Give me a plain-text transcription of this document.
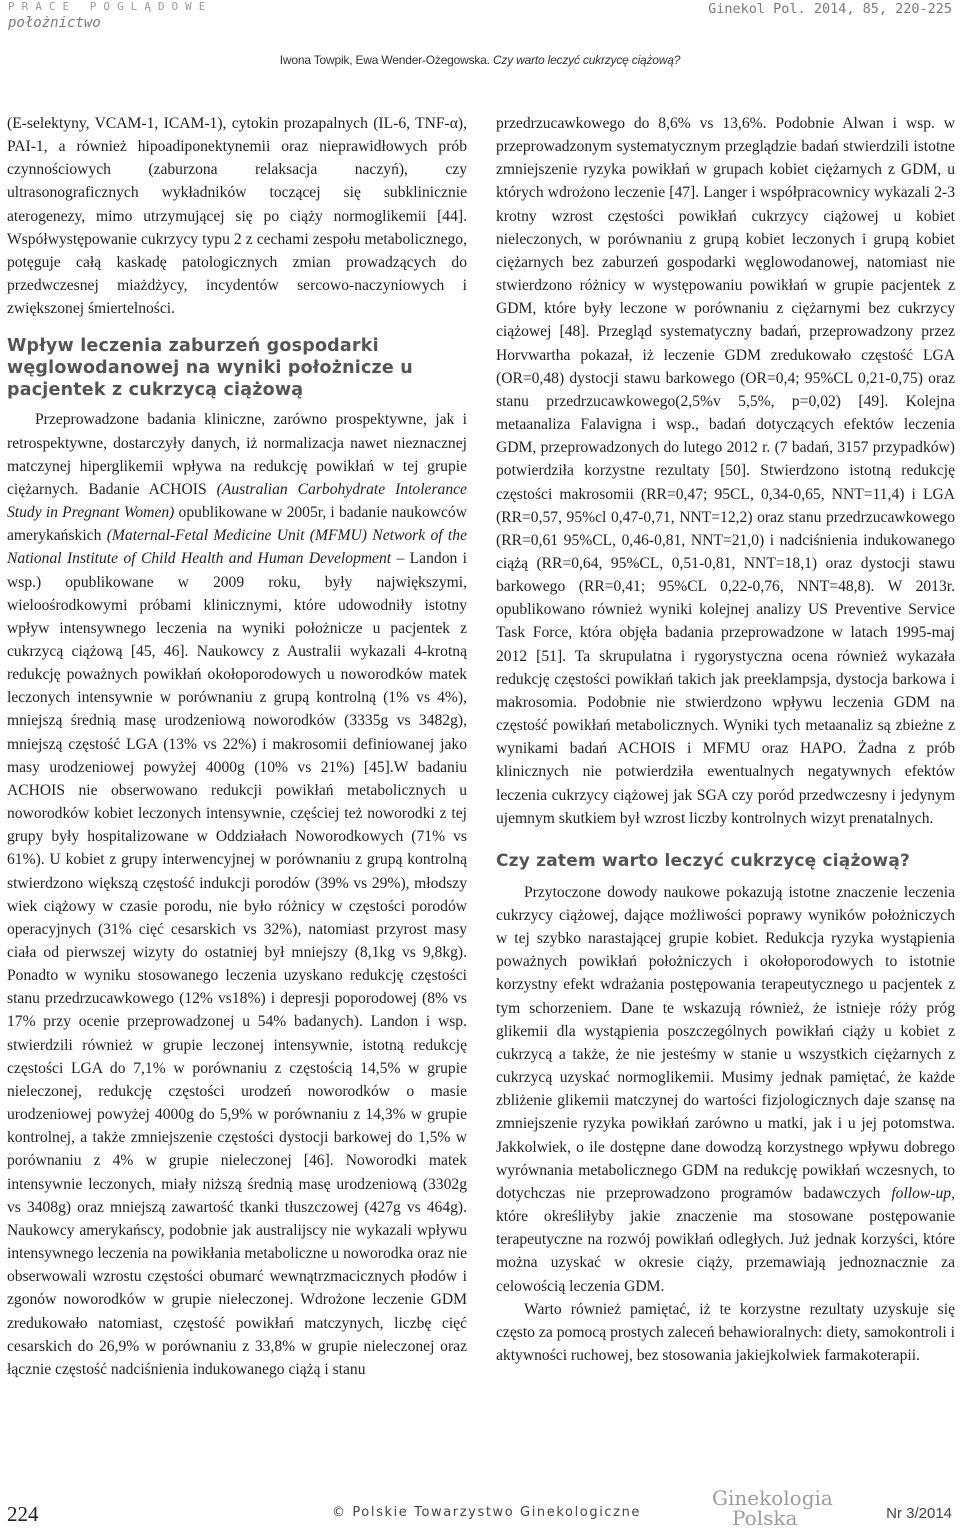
PRACE POGLĄDOWE
położnictwo
Ginekol Pol. 2014, 85, 220-225
Iwona Towpik, Ewa Wender-Ożegowska. Czy warto leczyć cukrzycę ciążową?

(E-selektyny, VCAM-1, ICAM-1), cytokin prozapalnych (IL-6, TNF-α), PAI-1, a również hipoadiponektynemii oraz nieprawidłowych prób czynnościowych (zaburzona relaksacja naczyń), czy ultrasonograficznych wykładników toczącej się subklinicznie aterogenezy, mimo utrzymującej się po ciąży normoglikemii [44]. Współwystępowanie cukrzycy typu 2 z cechami zespołu metabolicznego, potęguje całą kaskadę patologicznych zmian prowadzących do przedwczesnej miażdżycy, incydentów sercowo-naczyniowych i zwiększonej śmiertelności.

Wpływ leczenia zaburzeń gospodarki węglowodanowej na wyniki położnicze u pacjentek z cukrzycą ciążową

Przeprowadzone badania kliniczne, zarówno prospektywne, jak i retrospektywne, dostarczyły danych, iż normalizacja nawet nieznacznej matczynej hiperglikemii wpływa na redukcję powikłań w tej grupie ciężarnych. Badanie ACHOIS (Australian Carbohydrate Intolerance Study in Pregnant Women) opublikowane w 2005r, i badanie naukowców amerykańskich (Maternal-Fetal Medicine Unit (MFMU) Network of the National Institute of Child Health and Human Development – Landon i wsp.) opublikowane w 2009 roku, były największymi, wieloośrodkowymi próbami klinicznymi, które udowodniły istotny wpływ intensywnego leczenia na wyniki położnicze u pacjentek z cukrzycą ciążową [45, 46]. Naukowcy z Australii wykazali 4-krotną redukcję poważnych powikłań okołoporodowych u noworodków matek leczonych intensywnie w porównaniu z grupą kontrolną (1% vs 4%), mniejszą średnią masę urodzeniową noworodków (3335g vs 3482g), mniejszą częstość LGA (13% vs 22%) i makrosomii definiowanej jako masy urodzeniowej powyżej 4000g (10% vs 21%) [45].W badaniu ACHOIS nie obserwowano redukcji powikłań metabolicznych u noworodków kobiet leczonych intensywnie, częściej też noworodki z tej grupy były hospitalizowane w Oddziałach Noworodkowych (71% vs 61%). U kobiet z grupy interwencyjnej w porównaniu z grupą kontrolną stwierdzono większą częstość indukcji porodów (39% vs 29%), młodszy wiek ciążowy w czasie porodu, nie było różnicy w częstości porodów operacyjnych (31% cięć cesarskich vs 32%), natomiast przyrost masy ciała od pierwszej wizyty do ostatniej był mniejszy (8,1kg vs 9,8kg). Ponadto w wyniku stosowanego leczenia uzyskano redukcję częstości stanu przedrzucawkowego (12% vs18%) i depresji poporodowej (8% vs 17% przy ocenie przeprowadzonej u 54% badanych). Landon i wsp. stwierdzili również w grupie leczonej intensywnie, istotną redukcję częstości LGA do 7,1% w porównaniu z częstością 14,5% w grupie nieleczonej, redukcję częstości urodzeń noworodków o masie urodzeniowej powyżej 4000g do 5,9% w porównaniu z 14,3% w grupie kontrolnej, a także zmniejszenie częstości dystocji barkowej do 1,5% w porównaniu z 4% w grupie nieleczonej [46]. Noworodki matek intensywnie leczonych, miały niższą średnią masę urodzeniową (3302g vs 3408g) oraz mniejszą zawartość tkanki tłuszczowej (427g vs 464g). Naukowcy amerykańscy, podobnie jak australijscy nie wykazali wpływu intensywnego leczenia na powikłania metaboliczne u noworodka oraz nie obserwowali wzrostu częstości obumarć wewnątrzmacicznych płodów i zgonów noworodków w grupie nieleczonej. Wdrożone leczenie GDM zredukowało natomiast, częstość powikłań matczynych, liczbę cięć cesarskich do 26,9% w porównaniu z 33,8% w grupie nieleczonej oraz łącznie częstość nadciśnienia indukowanego ciążą i stanu

przedrzucawkowego do 8,6% vs 13,6%. Podobnie Alwan i wsp. w przeprowadzonym systematycznym przeglądzie badań stwierdzili istotne zmniejszenie ryzyka powikłań w grupach kobiet ciężarnych z GDM, u których wdrożono leczenie [47]. Langer i współpracownicy wykazali 2-3 krotny wzrost częstości powikłań cukrzycy ciążowej u kobiet nieleczonych, w porównaniu z grupą kobiet leczonych i grupą kobiet ciężarnych bez zaburzeń gospodarki węglowodanowej, natomiast nie stwierdzono różnicy w występowaniu powikłań w grupie pacjentek z GDM, które były leczone w porównaniu z ciężarnymi bez cukrzycy ciążowej [48]. Przegląd systematyczny badań, przeprowadzony przez Horvwartha pokazał, iż leczenie GDM zredukowało częstość LGA (OR=0,48) dystocji stawu barkowego (OR=0,4; 95%CL 0,21-0,75) oraz stanu przedrzucawkowego(2,5%v 5,5%, p=0,02) [49]. Kolejna metaanaliza Falavigna i wsp., badań dotyczących efektów leczenia GDM, przeprowadzonych do lutego 2012 r. (7 badań, 3157 przypadków) potwierdziła korzystne rezultaty [50]. Stwierdzono istotną redukcję częstości makrosomii (RR=0,47; 95CL, 0,34-0,65, NNT=11,4) i LGA (RR=0,57, 95%cl 0,47-0,71, NNT=12,2) oraz stanu przedrzucawkowego (RR=0,61 95%CL, 0,46-0,81, NNT=21,0) i nadciśnienia indukowanego ciążą (RR=0,64, 95%CL, 0,51-0,81, NNT=18,1) oraz dystocji stawu barkowego (RR=0,41; 95%CL 0,22-0,76, NNT=48,8). W 2013r. opublikowano również wyniki kolejnej analizy US Preventive Service Task Force, która objęła badania przeprowadzone w latach 1995-maj 2012 [51]. Ta skrupulatna i rygorystyczna ocena również wykazała redukcję częstości powikłań takich jak preeklampsja, dystocja barkowa i makrosomia. Podobnie nie stwierdzono wpływu leczenia GDM na częstość powikłań metabolicznych. Wyniki tych metaanaliz są zbieżne z wynikami badań ACHOIS i MFMU oraz HAPO. Żadna z prób klinicznych nie potwierdziła ewentualnych negatywnych efektów leczenia cukrzycy ciążowej jak SGA czy poród przedwczesny i jedynym ujemnym skutkiem był wzrost liczby kontrolnych wizyt prenatalnych.

Czy zatem warto leczyć cukrzycę ciążową?

Przytoczone dowody naukowe pokazują istotne znaczenie leczenia cukrzycy ciążowej, dające możliwości poprawy wyników położniczych w tej szybko narastającej grupie kobiet. Redukcja ryzyka wystąpienia poważnych powikłań położniczych i okołoporodowych to istotnie korzystny efekt wdrażania postępowania terapeutycznego u pacjentek z tym schorzeniem. Dane te wskazują również, że istnieje róży próg glikemii dla wystąpienia poszczególnych powikłań ciąży u kobiet z cukrzycą a także, że nie jesteśmy w stanie u wszystkich ciężarnych z cukrzycą uzyskać normoglikemii. Musimy jednak pamiętać, że każde zbliżenie glikemii matczynej do wartości fizjologicznych daje szansę na zmniejszenie ryzyka powikłań zarówno u matki, jak i u jej potomstwa. Jakkolwiek, o ile dostępne dane dowodzą korzystnego wpływu dobrego wyrównania metabolicznego GDM na redukcję powikłań wczesnych, to dotychczas nie przeprowadzono programów badawczych follow-up, które określiłyby jakie znaczenie ma stosowane postępowanie terapeutyczne na rozwój powikłań odległych. Już jednak korzyści, które można uzyskać w okresie ciąży, przemawiają jednoznacznie za celowością leczenia GDM.

Warto również pamiętać, iż te korzystne rezultaty uzyskuje się często za pomocą prostych zaleceń behawioralnych: diety, samokontroli i aktywności ruchowej, bez stosowania jakiejkolwiek farmakoterapii.

224	© Polskie Towarzystwo Ginekologiczne
Ginekologia
Polska	Nr 3/2014
